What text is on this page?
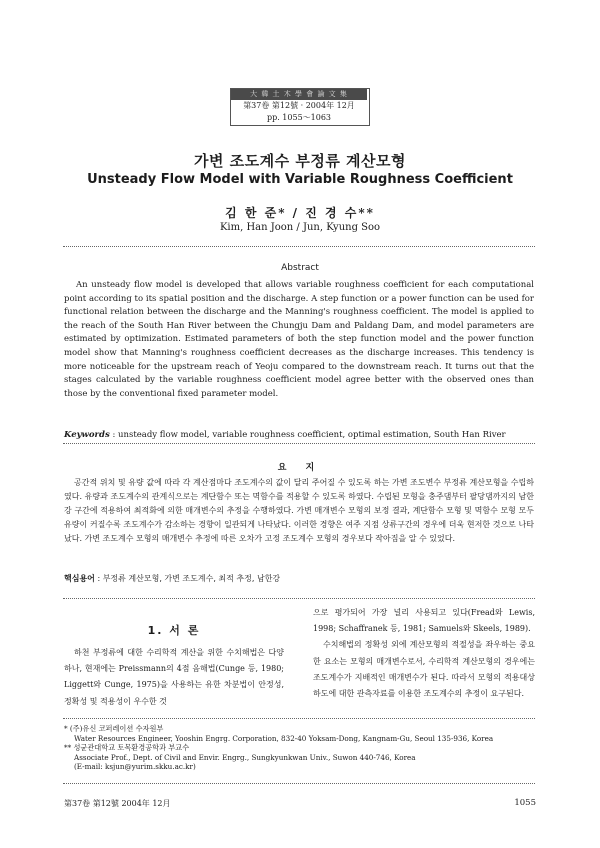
大 韓 土 木 學 會 論 文 集
第37卷 第12號 · 2004年 12月
pp. 1055～1063
가변 조도계수 부정류 계산모형
Unsteady Flow Model with Variable Roughness Coefficient
김 한 준* / 진 경 수**
Kim, Han Joon / Jun, Kyung Soo
Abstract

An unsteady flow model is developed that allows variable roughness coefficient for each computational point according to its spatial position and the discharge. A step function or a power function can be used for functional relation between the discharge and the Manning's roughness coefficient. The model is applied to the reach of the South Han River between the Chungju Dam and Paldang Dam, and model parameters are estimated by optimization. Estimated parameters of both the step function model and the power function model show that Manning's roughness coefficient decreases as the discharge increases. This tendency is more noticeable for the upstream reach of Yeoju compared to the downstream reach. It turns out that the stages calculated by the variable roughness coefficient model agree better with the observed ones than those by the conventional fixed parameter model.

Keywords : unsteady flow model, variable roughness coefficient, optimal estimation, South Han River
요 지

공간적 위치 및 유량 값에 따라 각 계산점마다 조도계수의 값이 달리 주어질 수 있도록 하는 가변 조도변수 부정류 계산모형을 수립하였다. 유량과 조도계수의 관계식으로는 계단함수 또는 멱함수를 적용할 수 있도록 하였다. 수립된 모형을 충주댐부터 팔당댐까지의 남한강 구간에 적용하여 최적화에 의한 매개변수의 추정을 수행하였다. 가변 매개변수 모형의 보정 결과, 계단함수 모형 및 멱함수 모형 모두 유량이 커질수록 조도계수가 감소하는 경향이 일관되게 나타났다. 이러한 경향은 여주 지점 상류구간의 경우에 더욱 현저한 것으로 나타났다. 가변 조도계수 모형의 매개변수 추정에 따른 오차가 고정 조도계수 모형의 경우보다 작아짐을 알 수 있었다.

핵심용어 : 부정류 계산모형, 가변 조도계수, 최적 추정, 남한강
1. 서 론

하천 부정류에 대한 수리학적 계산을 위한 수치해법은 다양하나, 현재에는 Preissmann의 4점 음해법(Cunge 등, 1980; Liggett와 Cunge, 1975)을 사용하는 유한 차분법이 안정성, 정확성 및 적용성이 우수한 것

으로 평가되어 가장 널리 사용되고 있다(Fread와 Lewis, 1998; Schaffranek 등, 1981; Samuels와 Skeels, 1989).

수치해법의 정확성 외에 계산모형의 적절성을 좌우하는 중요한 요소는 모형의 매개변수로서, 수리학적 계산모형의 경우에는 조도계수가 지배적인 매개변수가 된다. 따라서 모형의 적용대상 하도에 대한 관측자료를 이용한 조도계수의 추정이 요구된다.

* (주)유신 코퍼레이션 수자원부
Water Resources Engineer, Yooshin Engrg. Corporation, 832-40 Yoksam-Dong, Kangnam-Gu, Seoul 135-936, Korea
** 성균관대학교 토목환경공학과 부교수
Associate Prof., Dept. of Civil and Envir. Engrg., Sungkyunkwan Univ., Suwon 440-746, Korea
(E-mail: ksjun@yurim.skku.ac.kr)
第37卷 第12號 2004年 12月	1055
